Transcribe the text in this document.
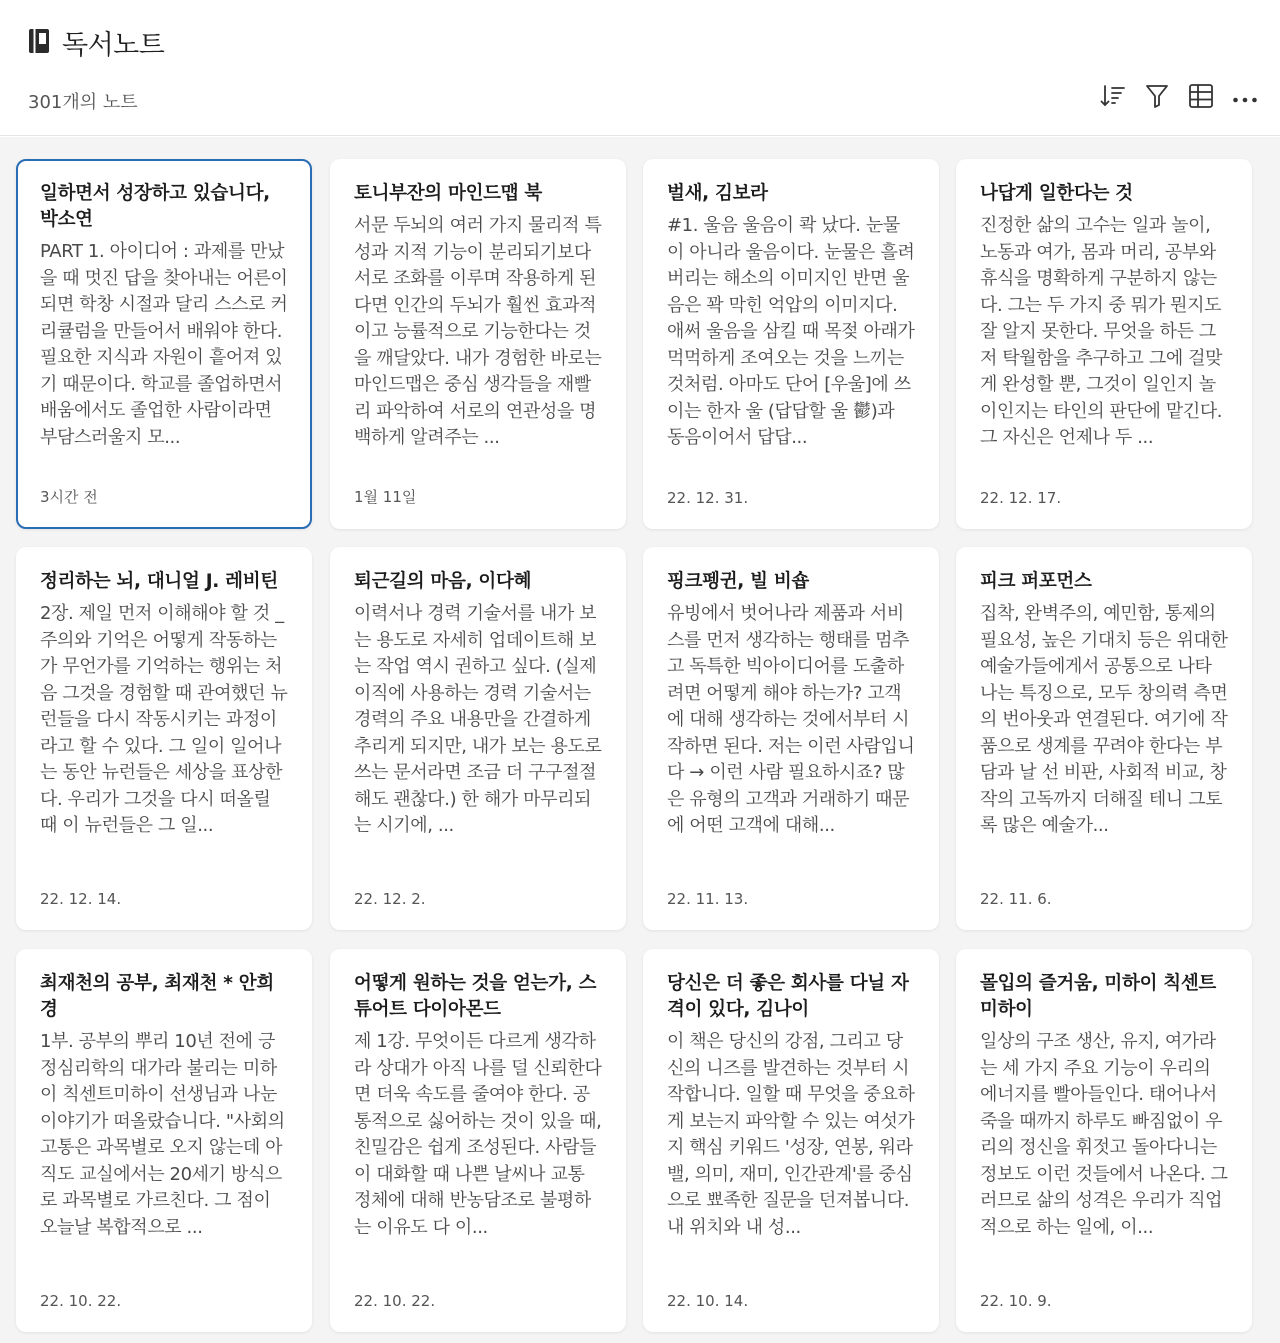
독서노트
301개의 노트
일하면서 성장하고 있습니다, 박소연
PART 1. 아이디어 : 과제를 만났을 때 멋진 답을 찾아내는 어른이 되면 학창 시절과 달리 스스로 커리큘럼을 만들어서 배워야 한다. 필요한 지식과 자원이 흩어져 있기 때문이다. 학교를 졸업하면서 배움에서도 졸업한 사람이라면 부담스러울지 모...
3시간 전
토니부잔의 마인드맵 북
서문 두뇌의 여러 가지 물리적 특성과 지적 기능이 분리되기보다 서로 조화를 이루며 작용하게 된다면 인간의 두뇌가 훨씬 효과적이고 능률적으로 기능한다는 것을 깨달았다. 내가 경험한 바로는 마인드맵은 중심 생각들을 재빨리 파악하여 서로의 연관성을 명백하게 알려주는 ...
1월 11일
벌새, 김보라
#1. 울음 울음이 콱 났다. 눈물이 아니라 울음이다. 눈물은 흘려버리는 해소의 이미지인 반면 울음은 꽉 막힌 억압의 이미지다. 애써 울음을 삼킬 때 목젖 아래가 먹먹하게 조여오는 것을 느끼는 것처럼. 아마도 단어 [우울]에 쓰이는 한자 울 (답답할 울 鬱)과 동음이어서 답답...
22. 12. 31.
나답게 일한다는 것
진정한 삶의 고수는 일과 놀이, 노동과 여가, 몸과 머리, 공부와 휴식을 명확하게 구분하지 않는다. 그는 두 가지 중 뭐가 뭔지도 잘 알지 못한다. 무엇을 하든 그저 탁월함을 추구하고 그에 걸맞게 완성할 뿐, 그것이 일인지 놀이인지는 타인의 판단에 맡긴다. 그 자신은 언제나 두 ...
22. 12. 17.
정리하는 뇌, 대니얼 J. 레비틴
2장. 제일 먼저 이해해야 할 것 _주의와 기억은 어떻게 작동하는가 무언가를 기억하는 행위는 처음 그것을 경험할 때 관여했던 뉴런들을 다시 작동시키는 과정이라고 할 수 있다. 그 일이 일어나는 동안 뉴런들은 세상을 표상한다. 우리가 그것을 다시 떠올릴 때 이 뉴런들은 그 일...
22. 12. 14.
퇴근길의 마음, 이다혜
이력서나 경력 기술서를 내가 보는 용도로 자세히 업데이트해 보는 작업 역시 권하고 싶다. (실제 이직에 사용하는 경력 기술서는 경력의 주요 내용만을 간결하게 추리게 되지만, 내가 보는 용도로 쓰는 문서라면 조금 더 구구절절해도 괜찮다.) 한 해가 마무리되는 시기에, ...
22. 12. 2.
핑크펭귄, 빌 비숍
유빙에서 벗어나라 제품과 서비스를 먼저 생각하는 행태를 멈추고 독특한 빅아이디어를 도출하려면 어떻게 해야 하는가? 고객에 대해 생각하는 것에서부터 시작하면 된다. 저는 이런 사람입니다 → 이런 사람 필요하시죠? 많은 유형의 고객과 거래하기 때문에 어떤 고객에 대해...
22. 11. 13.
피크 퍼포먼스
집착, 완벽주의, 예민함, 통제의 필요성, 높은 기대치 등은 위대한 예술가들에게서 공통으로 나타나는 특징으로, 모두 창의력 측면의 번아웃과 연결된다. 여기에 작품으로 생계를 꾸려야 한다는 부담과 날 선 비판, 사회적 비교, 창작의 고독까지 더해질 테니 그토록 많은 예술가...
22. 11. 6.
최재천의 공부, 최재천 * 안희경
1부. 공부의 뿌리 10년 전에 긍정심리학의 대가라 불리는 미하이 칙센트미하이 선생님과 나눈 이야기가 떠올랐습니다. "사회의 고통은 과목별로 오지 않는데 아직도 교실에서는 20세기 방식으로 과목별로 가르친다. 그 점이 오늘날 복합적으로 ...
22. 10. 22.
어떻게 원하는 것을 얻는가, 스튜어트 다이아몬드
제 1강. 무엇이든 다르게 생각하라 상대가 아직 나를 덜 신뢰한다면 더욱 속도를 줄여야 한다. 공통적으로 싫어하는 것이 있을 때, 친밀감은 쉽게 조성된다. 사람들이 대화할 때 나쁜 날씨나 교통 정체에 대해 반농담조로 불평하는 이유도 다 이...
22. 10. 22.
당신은 더 좋은 회사를 다닐 자격이 있다, 김나이
이 책은 당신의 강점, 그리고 당신의 니즈를 발견하는 것부터 시작합니다. 일할 때 무엇을 중요하게 보는지 파악할 수 있는 여섯가지 핵심 키워드 '성장, 연봉, 워라밸, 의미, 재미, 인간관계'를 중심으로 뾰족한 질문을 던져봅니다. 내 위치와 내 성...
22. 10. 14.
몰입의 즐거움, 미하이 칙센트미하이
일상의 구조 생산, 유지, 여가라는 세 가지 주요 기능이 우리의 에너지를 빨아들인다. 태어나서 죽을 때까지 하루도 빠짐없이 우리의 정신을 휘젓고 돌아다니는 정보도 이런 것들에서 나온다. 그러므로 삶의 성격은 우리가 직업적으로 하는 일에, 이...
22. 10. 9.
